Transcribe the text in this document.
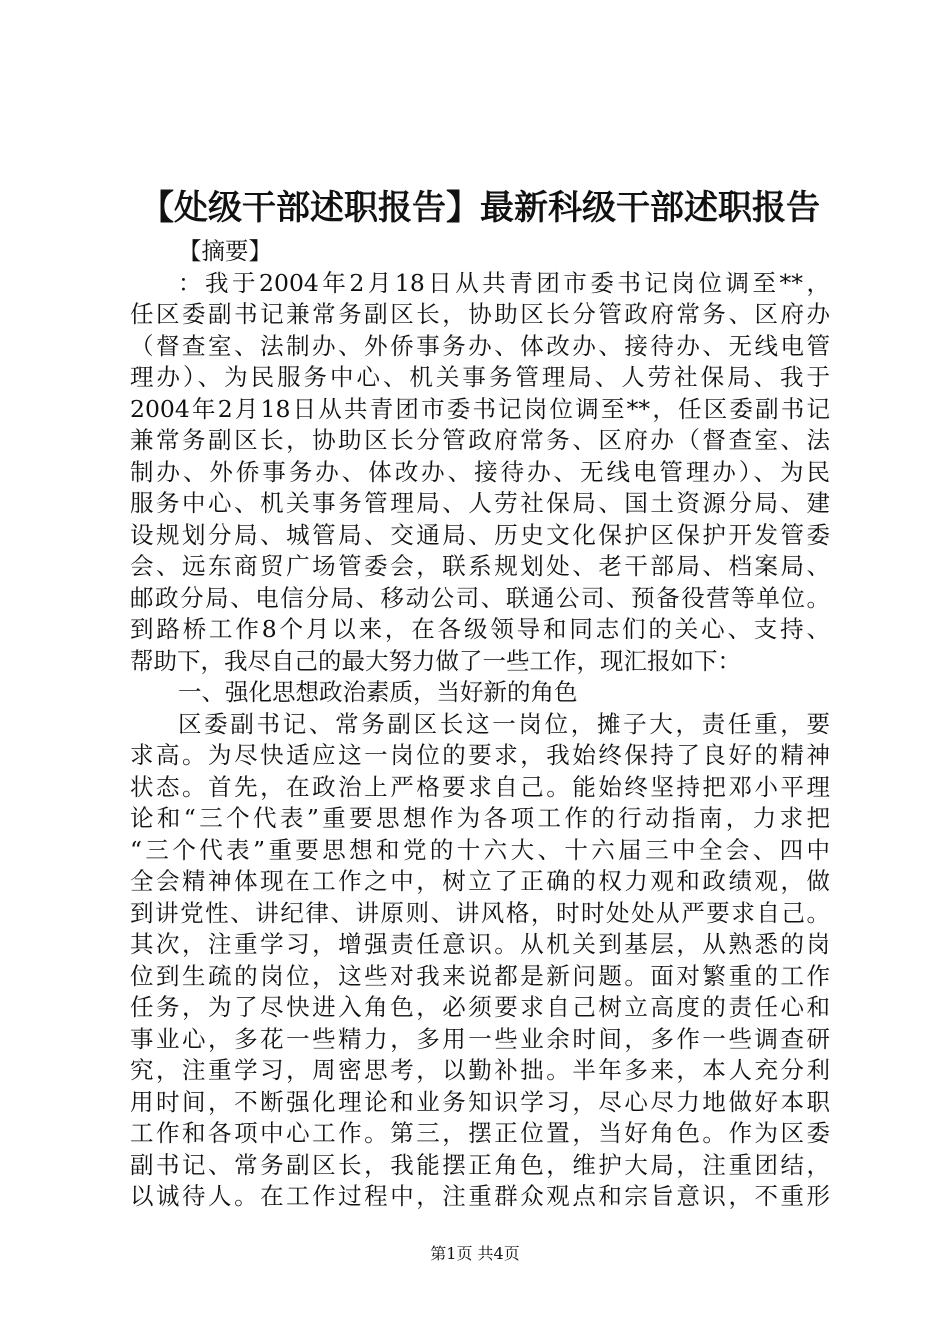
【处级干部述职报告】最新科级干部述职报告
【摘要】
：我于2004年2月18日从共青团市委书记岗位调至**，
任区委副书记兼常务副区长，协助区长分管政府常务、区府办
（督查室、法制办、外侨事务办、体改办、接待办、无线电管
理办）、为民服务中心、机关事务管理局、人劳社保局、我于
2004年2月18日从共青团市委书记岗位调至**，任区委副书记
兼常务副区长，协助区长分管政府常务、区府办（督查室、法
制办、外侨事务办、体改办、接待办、无线电管理办）、为民
服务中心、机关事务管理局、人劳社保局、国土资源分局、建
设规划分局、城管局、交通局、历史文化保护区保护开发管委
会、远东商贸广场管委会，联系规划处、老干部局、档案局、
邮政分局、电信分局、移动公司、联通公司、预备役营等单位。
到路桥工作8个月以来，在各级领导和同志们的关心、支持、
帮助下，我尽自己的最大努力做了一些工作，现汇报如下：
一、强化思想政治素质，当好新的角色
区委副书记、常务副区长这一岗位，摊子大，责任重，要
求高。为尽快适应这一岗位的要求，我始终保持了良好的精神
状态。首先，在政治上严格要求自己。能始终坚持把邓小平理
论和“三个代表”重要思想作为各项工作的行动指南，力求把
“三个代表”重要思想和党的十六大、十六届三中全会、四中
全会精神体现在工作之中，树立了正确的权力观和政绩观，做
到讲党性、讲纪律、讲原则、讲风格，时时处处从严要求自己。
其次，注重学习，增强责任意识。从机关到基层，从熟悉的岗
位到生疏的岗位，这些对我来说都是新问题。面对繁重的工作
任务，为了尽快进入角色，必须要求自己树立高度的责任心和
事业心，多花一些精力，多用一些业余时间，多作一些调查研
究，注重学习，周密思考，以勤补拙。半年多来，本人充分利
用时间，不断强化理论和业务知识学习，尽心尽力地做好本职
工作和各项中心工作。第三，摆正位置，当好角色。作为区委
副书记、常务副区长，我能摆正角色，维护大局，注重团结，
以诚待人。在工作过程中，注重群众观点和宗旨意识，不重形
第1页 共4页
